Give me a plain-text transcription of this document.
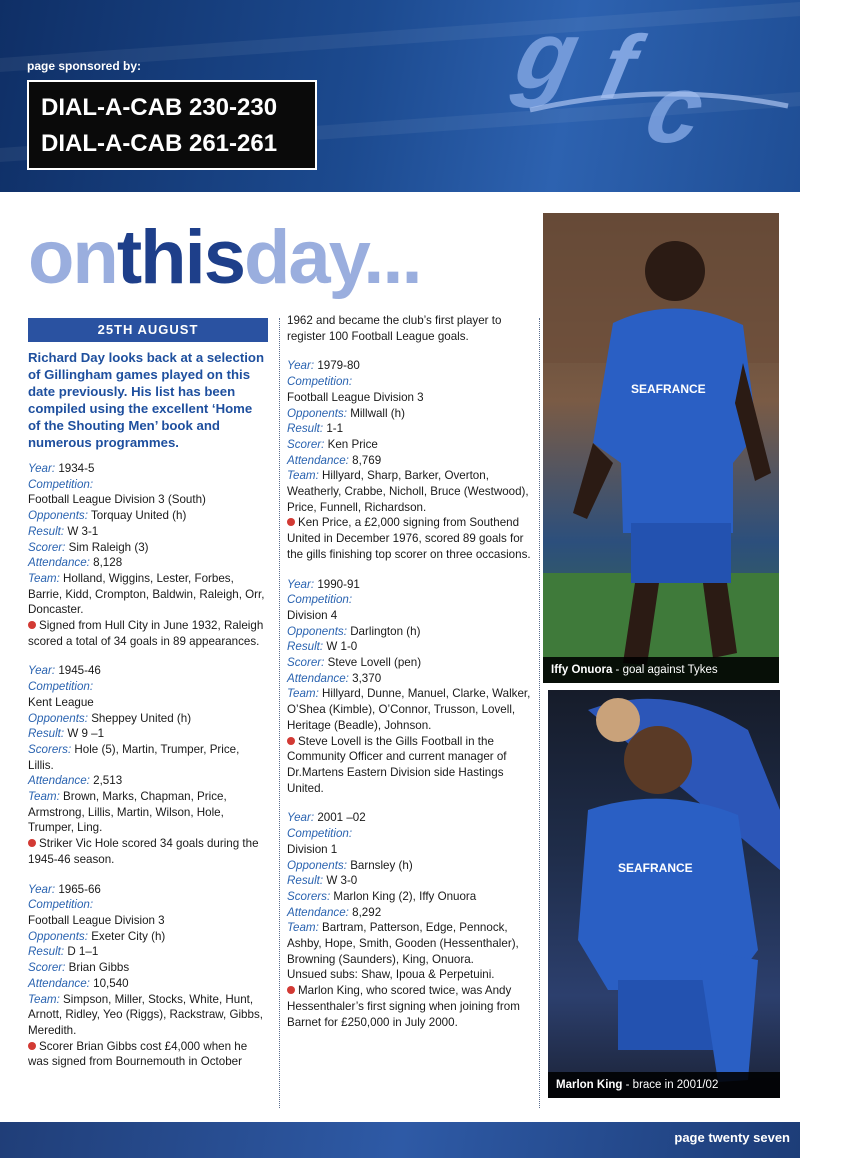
page sponsored by:
DIAL-A-CAB 230-230
DIAL-A-CAB 261-261
g f
c
onthisday...
25TH AUGUST
Richard Day looks back at a selection of Gillingham games played on this date previously. His list has been compiled using the excellent ‘Home of the Shouting Men’ book and numerous programmes.
Year: 1934-5
Competition:
Football League Division 3 (South)
Opponents: Torquay United (h)
Result: W 3-1
Scorer: Sim Raleigh (3)
Attendance: 8,128
Team: Holland, Wiggins, Lester, Forbes, Barrie, Kidd, Crompton, Baldwin, Raleigh, Orr, Doncaster.
Signed from Hull City in June 1932, Raleigh scored a total of 34 goals in 89 appearances.
Year: 1945-46
Competition:
Kent League
Opponents: Sheppey United (h)
Result: W 9 –1
Scorers: Hole (5), Martin, Trumper, Price, Lillis.
Attendance: 2,513
Team: Brown, Marks, Chapman, Price, Armstrong, Lillis, Martin, Wilson, Hole, Trumper, Ling.
Striker Vic Hole scored 34 goals during the 1945-46 season.
Year: 1965-66
Competition:
Football League Division 3
Opponents: Exeter City (h)
Result: D 1–1
Scorer: Brian Gibbs
Attendance: 10,540
Team: Simpson, Miller, Stocks, White, Hunt, Arnott, Ridley, Yeo (Riggs), Rackstraw, Gibbs, Meredith.
Scorer Brian Gibbs cost £4,000 when he was signed from Bournemouth in October
1962 and became the club’s first player to register 100 Football League goals.
Year: 1979-80
Competition:
Football League Division 3
Opponents: Millwall (h)
Result: 1-1
Scorer: Ken Price
Attendance: 8,769
Team: Hillyard, Sharp, Barker, Overton, Weatherly, Crabbe, Nicholl, Bruce (Westwood), Price, Funnell, Richardson.
Ken Price, a £2,000 signing from Southend United in December 1976, scored 89 goals for the gills finishing top scorer on three occasions.
Year: 1990-91
Competition:
Division 4
Opponents: Darlington (h)
Result: W 1-0
Scorer: Steve Lovell (pen)
Attendance: 3,370
Team: Hillyard, Dunne, Manuel, Clarke, Walker, O’Shea (Kimble), O’Connor, Trusson, Lovell, Heritage (Beadle), Johnson.
Steve Lovell is the Gills Football in the Community Officer and current manager of Dr.Martens Eastern Division side Hastings United.
Year: 2001 –02
Competition:
Division 1
Opponents: Barnsley (h)
Result: W 3-0
Scorers: Marlon King (2), Iffy Onuora
Attendance: 8,292
Team: Bartram, Patterson, Edge, Pennock, Ashby, Hope, Smith, Gooden (Hessenthaler), Browning (Saunders), King, Onuora.
Unsued subs: Shaw, Ipoua & Perpetuini.
Marlon King, who scored twice, was Andy Hessenthaler’s first signing when joining from Barnet for £250,000 in July 2000.
SEAFRANCE
Iffy Onuora - goal against Tykes
SEAFRANCE
Marlon King - brace in 2001/02
page twenty seven
